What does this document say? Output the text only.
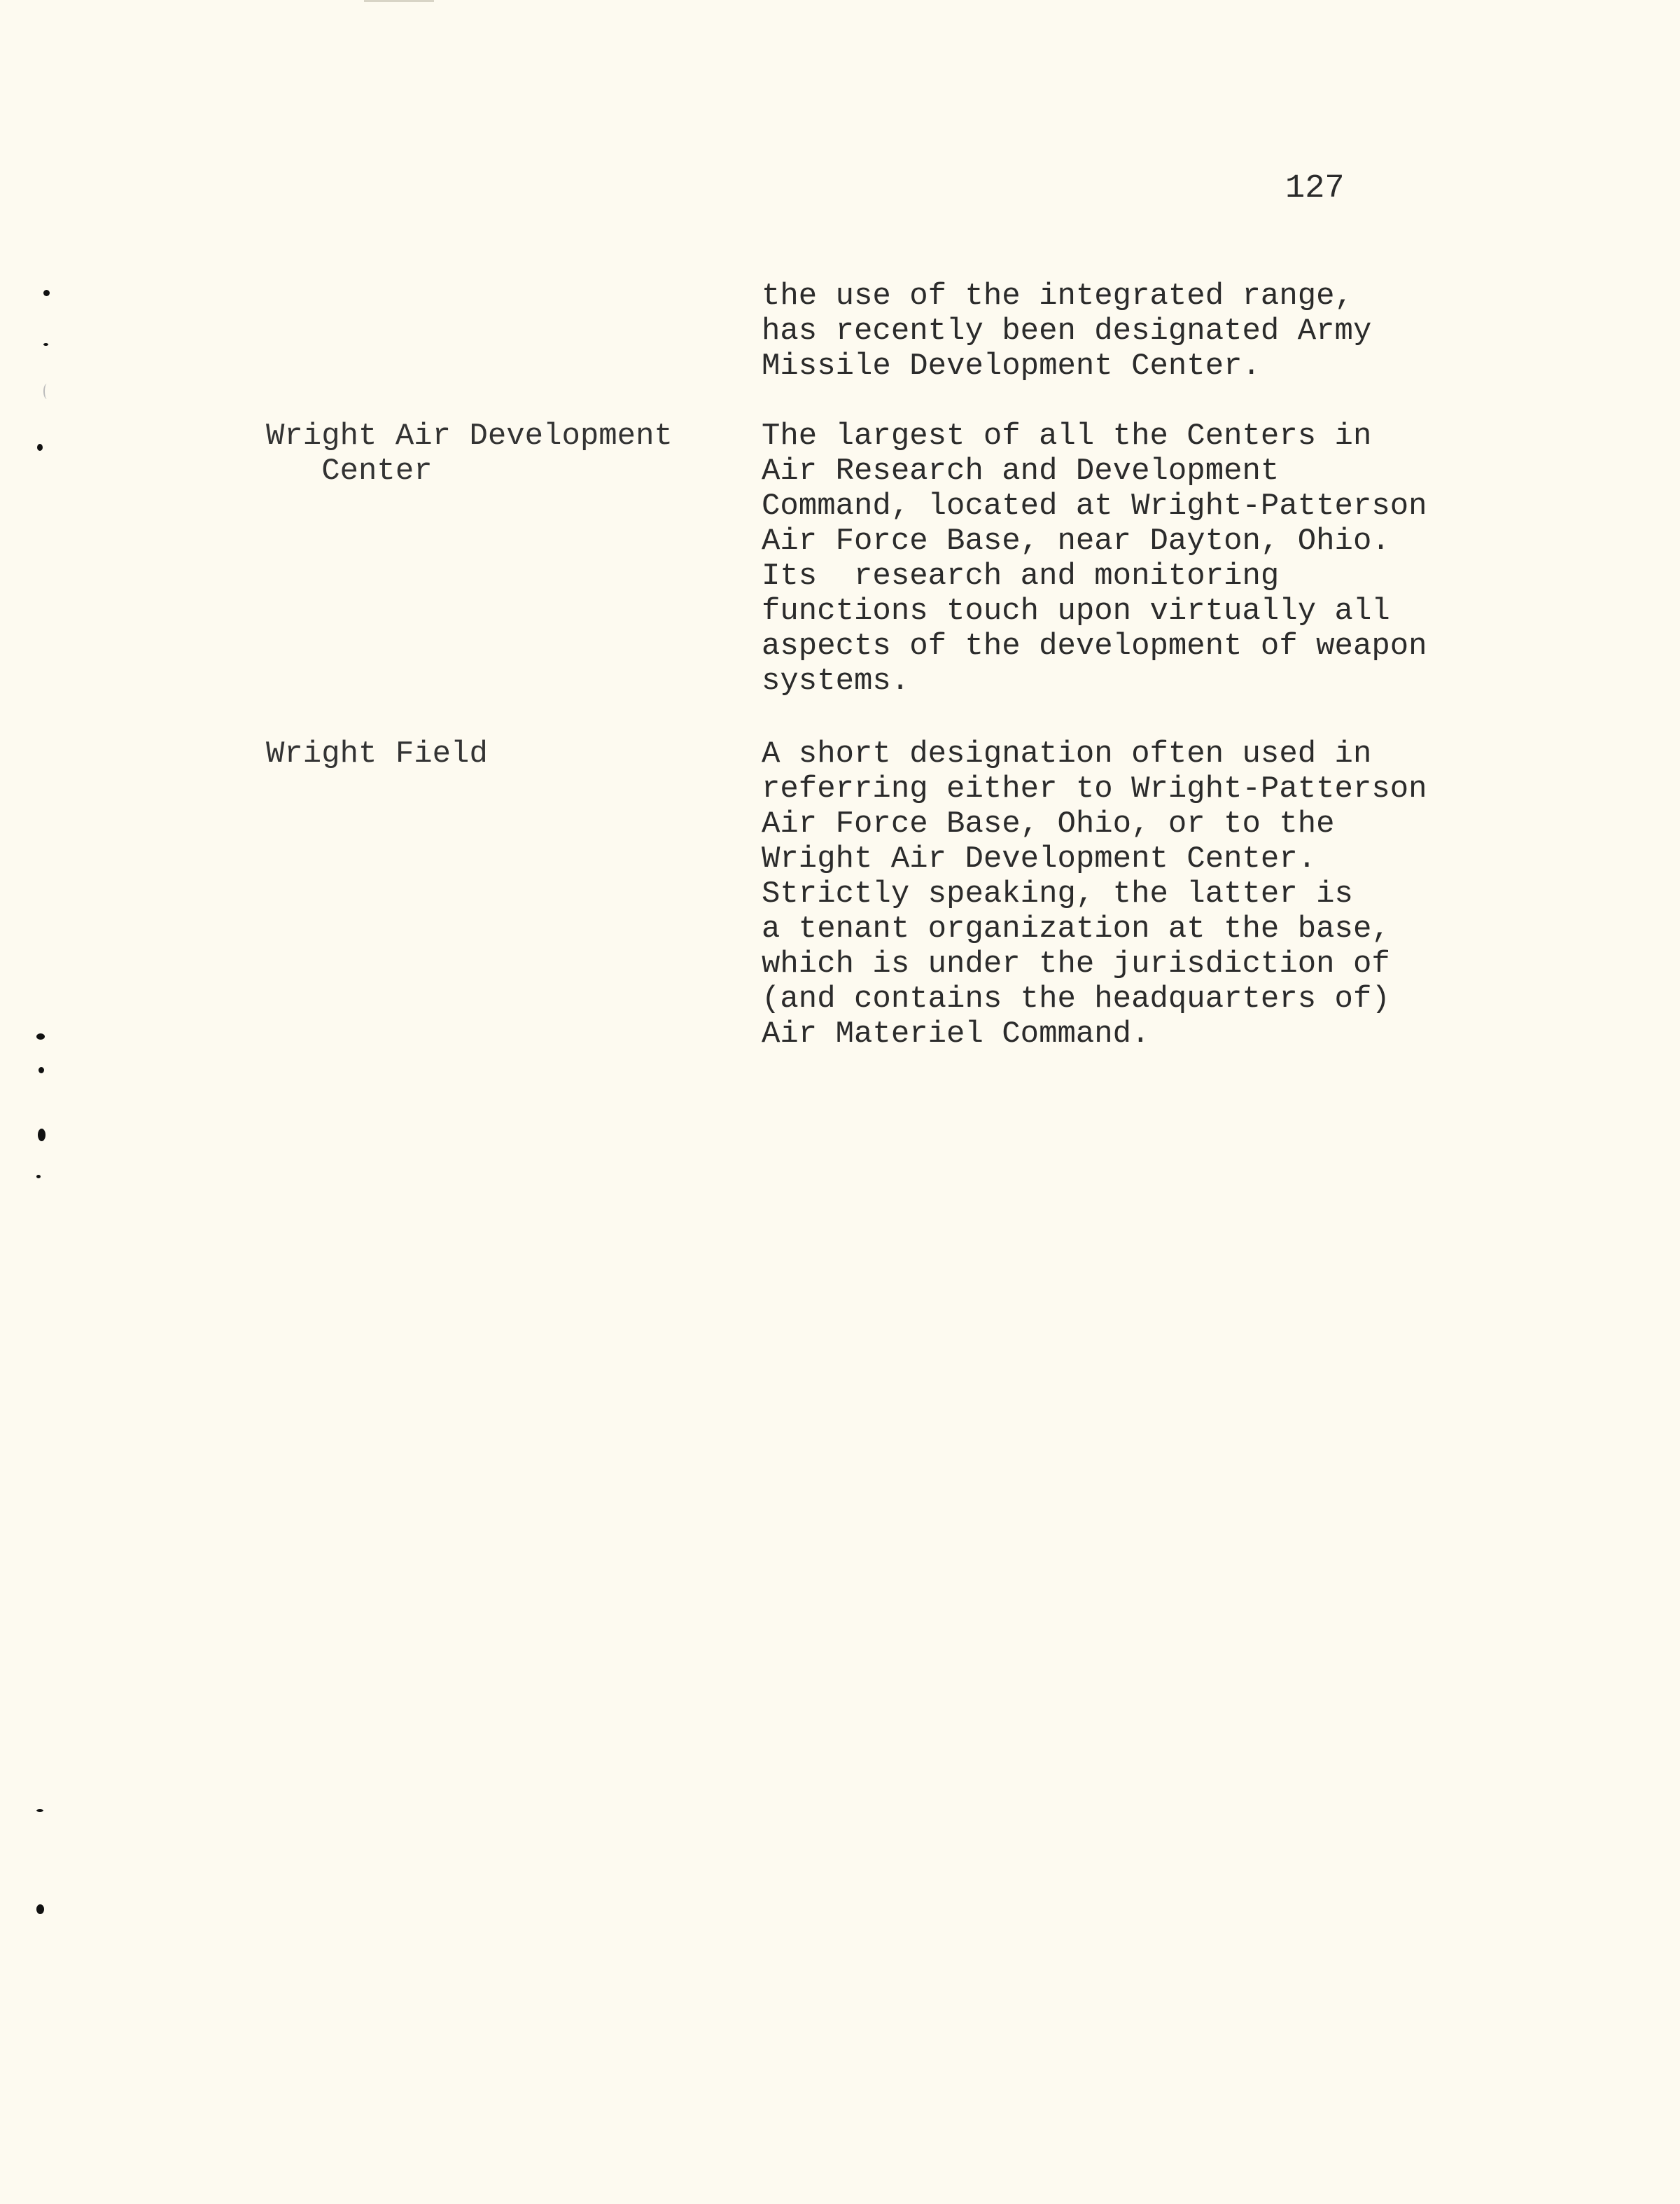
127
the use of the integrated range,
has recently been designated Army
Missile Development Center.
Wright Air Development
Center
The largest of all the Centers in
Air Research and Development
Command, located at Wright-Patterson
Air Force Base, near Dayton, Ohio.
Its  research and monitoring
functions touch upon virtually all
aspects of the development of weapon
systems.
Wright Field	A short designation often used in
referring either to Wright-Patterson
Air Force Base, Ohio, or to the
Wright Air Development Center.
Strictly speaking, the latter is
a tenant organization at the base,
which is under the jurisdiction of
(and contains the headquarters of)
Air Materiel Command.
